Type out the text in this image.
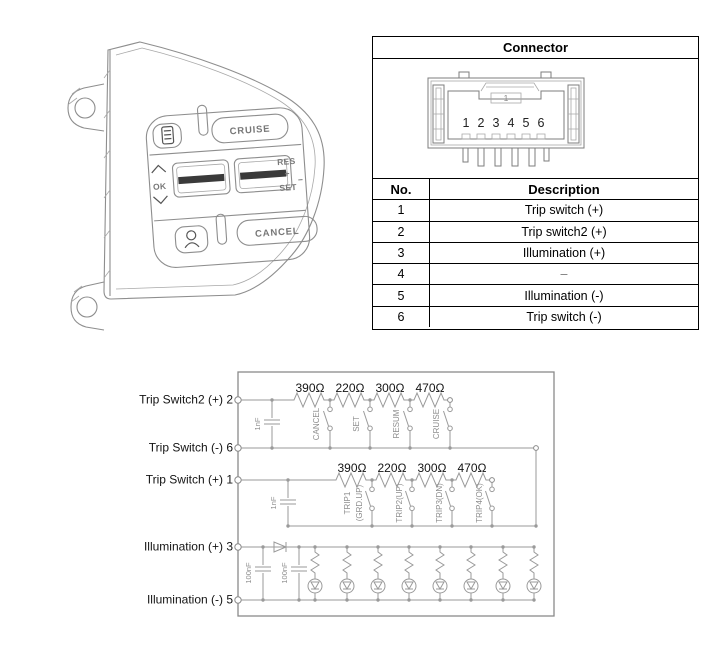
CRUISE
OK
RES
+
−
SET
CANCEL
Connector
1
1 2 3 4 5 6
No.	Description
1	Trip switch (+)
2	Trip switch2 (+)
3	Illumination (+)
4	–
5	Illumination (-)
6	Trip switch (-)
Trip Switch2 (+) 2
Trip Switch (-) 6
Trip Switch (+) 1
Illumination (+) 3
Illumination (-) 5
390Ω 220Ω 300Ω 470Ω
390Ω 220Ω 300Ω 470Ω
CANCEL	SET	RESUM	CRUISE
TRIP1 (GRD.UP)	TRIP2(UP)	TRIP3(DN)	TRIP4(OK)
1nF
1nF
100nF	100nF
